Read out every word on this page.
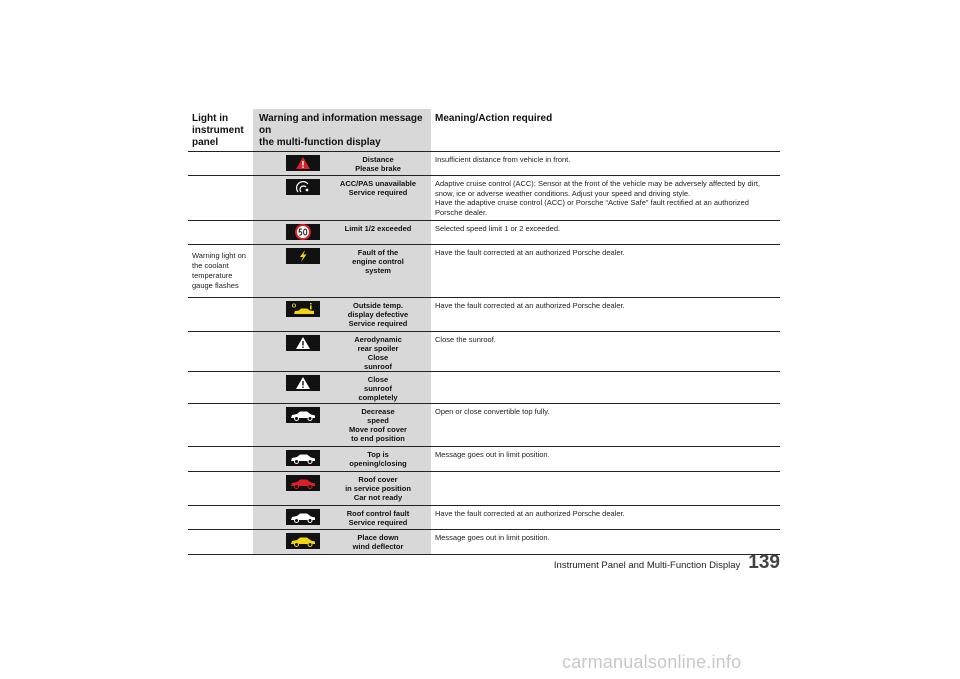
Light in
instrument
panel
Warning and information message on
the multi-function display
Meaning/Action required
Distance
Please brake
Insufficient distance from vehicle in front.
ACC/PAS unavailable
Service required
Adaptive cruise control (ACC): Sensor at the front of the vehicle may be adversely affected by dirt, snow, ice or adverse weather conditions. Adjust your speed and driving style.
Have the adaptive cruise control (ACC) or Porsche “Active Safe” fault rectified at an authorized Porsche dealer.
Limit 1/2 exceeded	Selected speed limit 1 or 2 exceeded.
Warning light on the coolant temperature gauge flashes
Fault of the
engine control
system
Have the fault corrected at an authorized Porsche dealer.
Outside temp.
display defective
Service required
Have the fault corrected at an authorized Porsche dealer.
Aerodynamic
rear spoiler
Close
sunroof
Close the sunroof.
Close
sunroof
completely
Decrease
speed
Move roof cover
to end position
Open or close convertible top fully.
Top is
opening/closing
Message goes out in limit position.
Roof cover
in service position
Car not ready
Roof control fault
Service required
Have the fault corrected at an authorized Porsche dealer.
Place down
wind deflector
Message goes out in limit position.
Instrument Panel and Multi-Function Display 139
carmanualsonline.info
